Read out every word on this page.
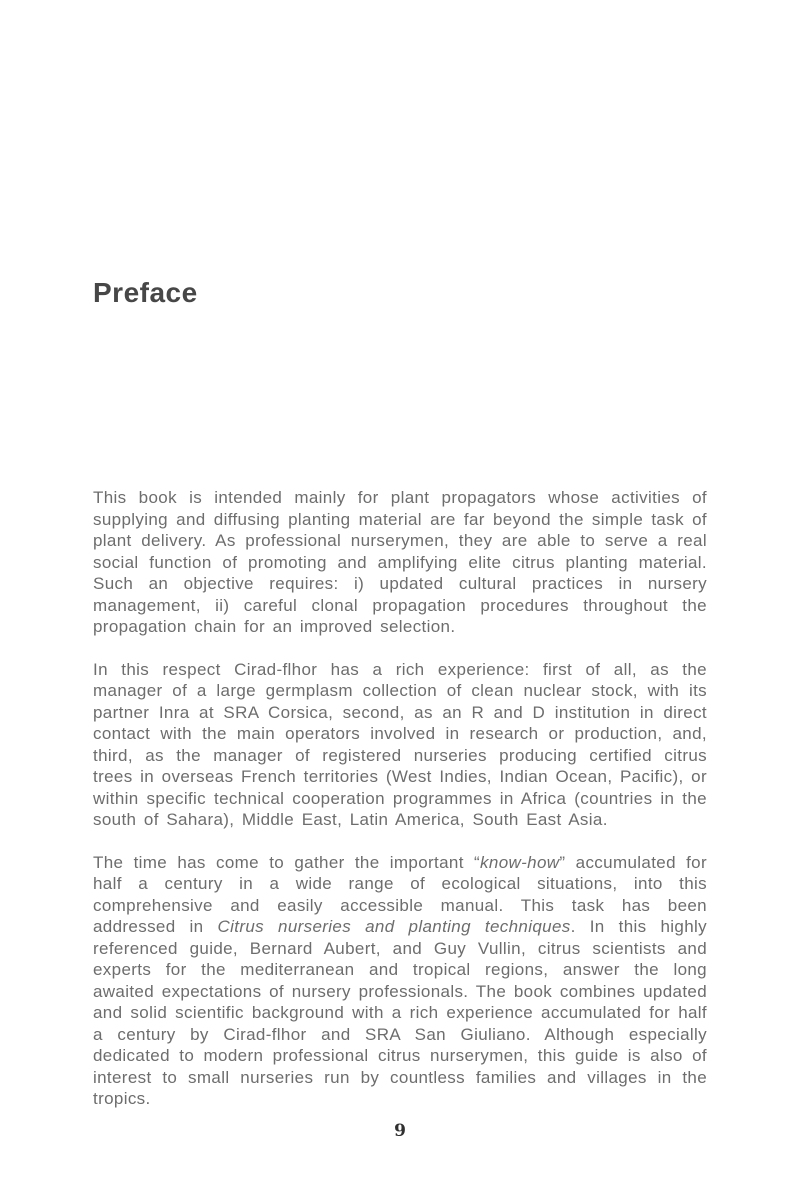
Preface

This book is intended mainly for plant propagators whose activities of supplying and diffusing planting material are far beyond the simple task of plant delivery. As professional nurserymen, they are able to serve a real social function of promoting and amplifying elite citrus planting material. Such an objective requires: i) updated cultural practices in nursery management, ii) careful clonal propagation procedures throughout the propagation chain for an improved selection.

In this respect Cirad-flhor has a rich experience: first of all, as the manager of a large germplasm collection of clean nuclear stock, with its partner Inra at SRA Corsica, second, as an R and D institution in direct contact with the main operators involved in research or production, and, third, as the manager of registered nurseries producing certified citrus trees in overseas French territories (West Indies, Indian Ocean, Pacific), or within specific technical cooperation programmes in Africa (countries in the south of Sahara), Middle East, Latin America, South East Asia.

The time has come to gather the important “know-how” accumulated for half a century in a wide range of ecological situations, into this comprehensive and easily accessible manual. This task has been addressed in Citrus nurseries and planting techniques. In this highly referenced guide, Bernard Aubert, and Guy Vullin, citrus scientists and experts for the mediterranean and tropical regions, answer the long awaited expectations of nursery professionals. The book combines updated and solid scientific background with a rich experience accumulated for half a century by Cirad-flhor and SRA San Giuliano. Although especially dedicated to modern professional citrus nurserymen, this guide is also of interest to small nurseries run by countless families and villages in the tropics.

9
